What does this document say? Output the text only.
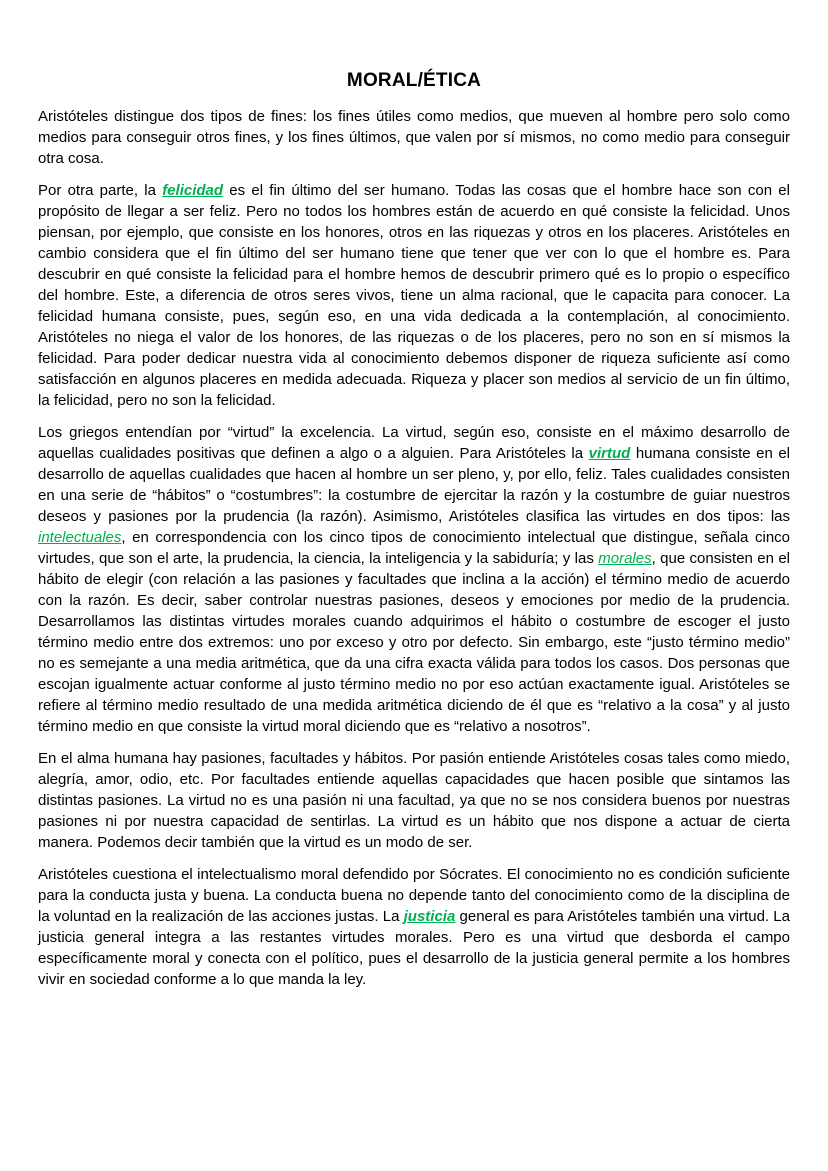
MORAL/ÉTICA

Aristóteles distingue dos tipos de fines: los fines útiles como medios, que mueven al hombre pero solo como medios para conseguir otros fines, y los fines últimos, que valen por sí mismos, no como medio para conseguir otra cosa.

Por otra parte, la felicidad es el fin último del ser humano. Todas las cosas que el hombre hace son con el propósito de llegar a ser feliz. Pero no todos los hombres están de acuerdo en qué consiste la felicidad. Unos piensan, por ejemplo, que consiste en los honores, otros en las riquezas y otros en los placeres. Aristóteles en cambio considera que el fin último del ser humano tiene que tener que ver con lo que el hombre es. Para descubrir en qué consiste la felicidad para el hombre hemos de descubrir primero qué es lo propio o específico del hombre. Este, a diferencia de otros seres vivos, tiene un alma racional, que le capacita para conocer. La felicidad humana consiste, pues, según eso, en una vida dedicada a la contemplación, al conocimiento. Aristóteles no niega el valor de los honores, de las riquezas o de los placeres, pero no son en sí mismos la felicidad. Para poder dedicar nuestra vida al conocimiento debemos disponer de riqueza suficiente así como satisfacción en algunos placeres en medida adecuada. Riqueza y placer son medios al servicio de un fin último, la felicidad, pero no son la felicidad.

Los griegos entendían por “virtud” la excelencia. La virtud, según eso, consiste en el máximo desarrollo de aquellas cualidades positivas que definen a algo o a alguien. Para Aristóteles la virtud humana consiste en el desarrollo de aquellas cualidades que hacen al hombre un ser pleno, y, por ello, feliz. Tales cualidades consisten en una serie de “hábitos” o “costumbres”: la costumbre de ejercitar la razón y la costumbre de guiar nuestros deseos y pasiones por la prudencia (la razón). Asimismo, Aristóteles clasifica las virtudes en dos tipos: las intelectuales, en correspondencia con los cinco tipos de conocimiento intelectual que distingue, señala cinco virtudes, que son el arte, la prudencia, la ciencia, la inteligencia y la sabiduría; y las morales, que consisten en el hábito de elegir (con relación a las pasiones y facultades que inclina a la acción) el término medio de acuerdo con la razón. Es decir, saber controlar nuestras pasiones, deseos y emociones por medio de la prudencia. Desarrollamos las distintas virtudes morales cuando adquirimos el hábito o costumbre de escoger el justo término medio entre dos extremos: uno por exceso y otro por defecto. Sin embargo, este “justo término medio” no es semejante a una media aritmética, que da una cifra exacta válida para todos los casos. Dos personas que escojan igualmente actuar conforme al justo término medio no por eso actúan exactamente igual. Aristóteles se refiere al término medio resultado de una medida aritmética diciendo de él que es “relativo a la cosa” y al justo término medio en que consiste la virtud moral diciendo que es “relativo a nosotros”.

En el alma humana hay pasiones, facultades y hábitos. Por pasión entiende Aristóteles cosas tales como miedo, alegría, amor, odio, etc. Por facultades entiende aquellas capacidades que hacen posible que sintamos las distintas pasiones. La virtud no es una pasión ni una facultad, ya que no se nos considera buenos por nuestras pasiones ni por nuestra capacidad de sentirlas. La virtud es un hábito que nos dispone a actuar de cierta manera. Podemos decir también que la virtud es un modo de ser.

Aristóteles cuestiona el intelectualismo moral defendido por Sócrates. El conocimiento no es condición suficiente para la conducta justa y buena. La conducta buena no depende tanto del conocimiento como de la disciplina de la voluntad en la realización de las acciones justas. La justicia general es para Aristóteles también una virtud. La justicia general integra a las restantes virtudes morales. Pero es una virtud que desborda el campo específicamente moral y conecta con el político, pues el desarrollo de la justicia general permite a los hombres vivir en sociedad conforme a lo que manda la ley.
